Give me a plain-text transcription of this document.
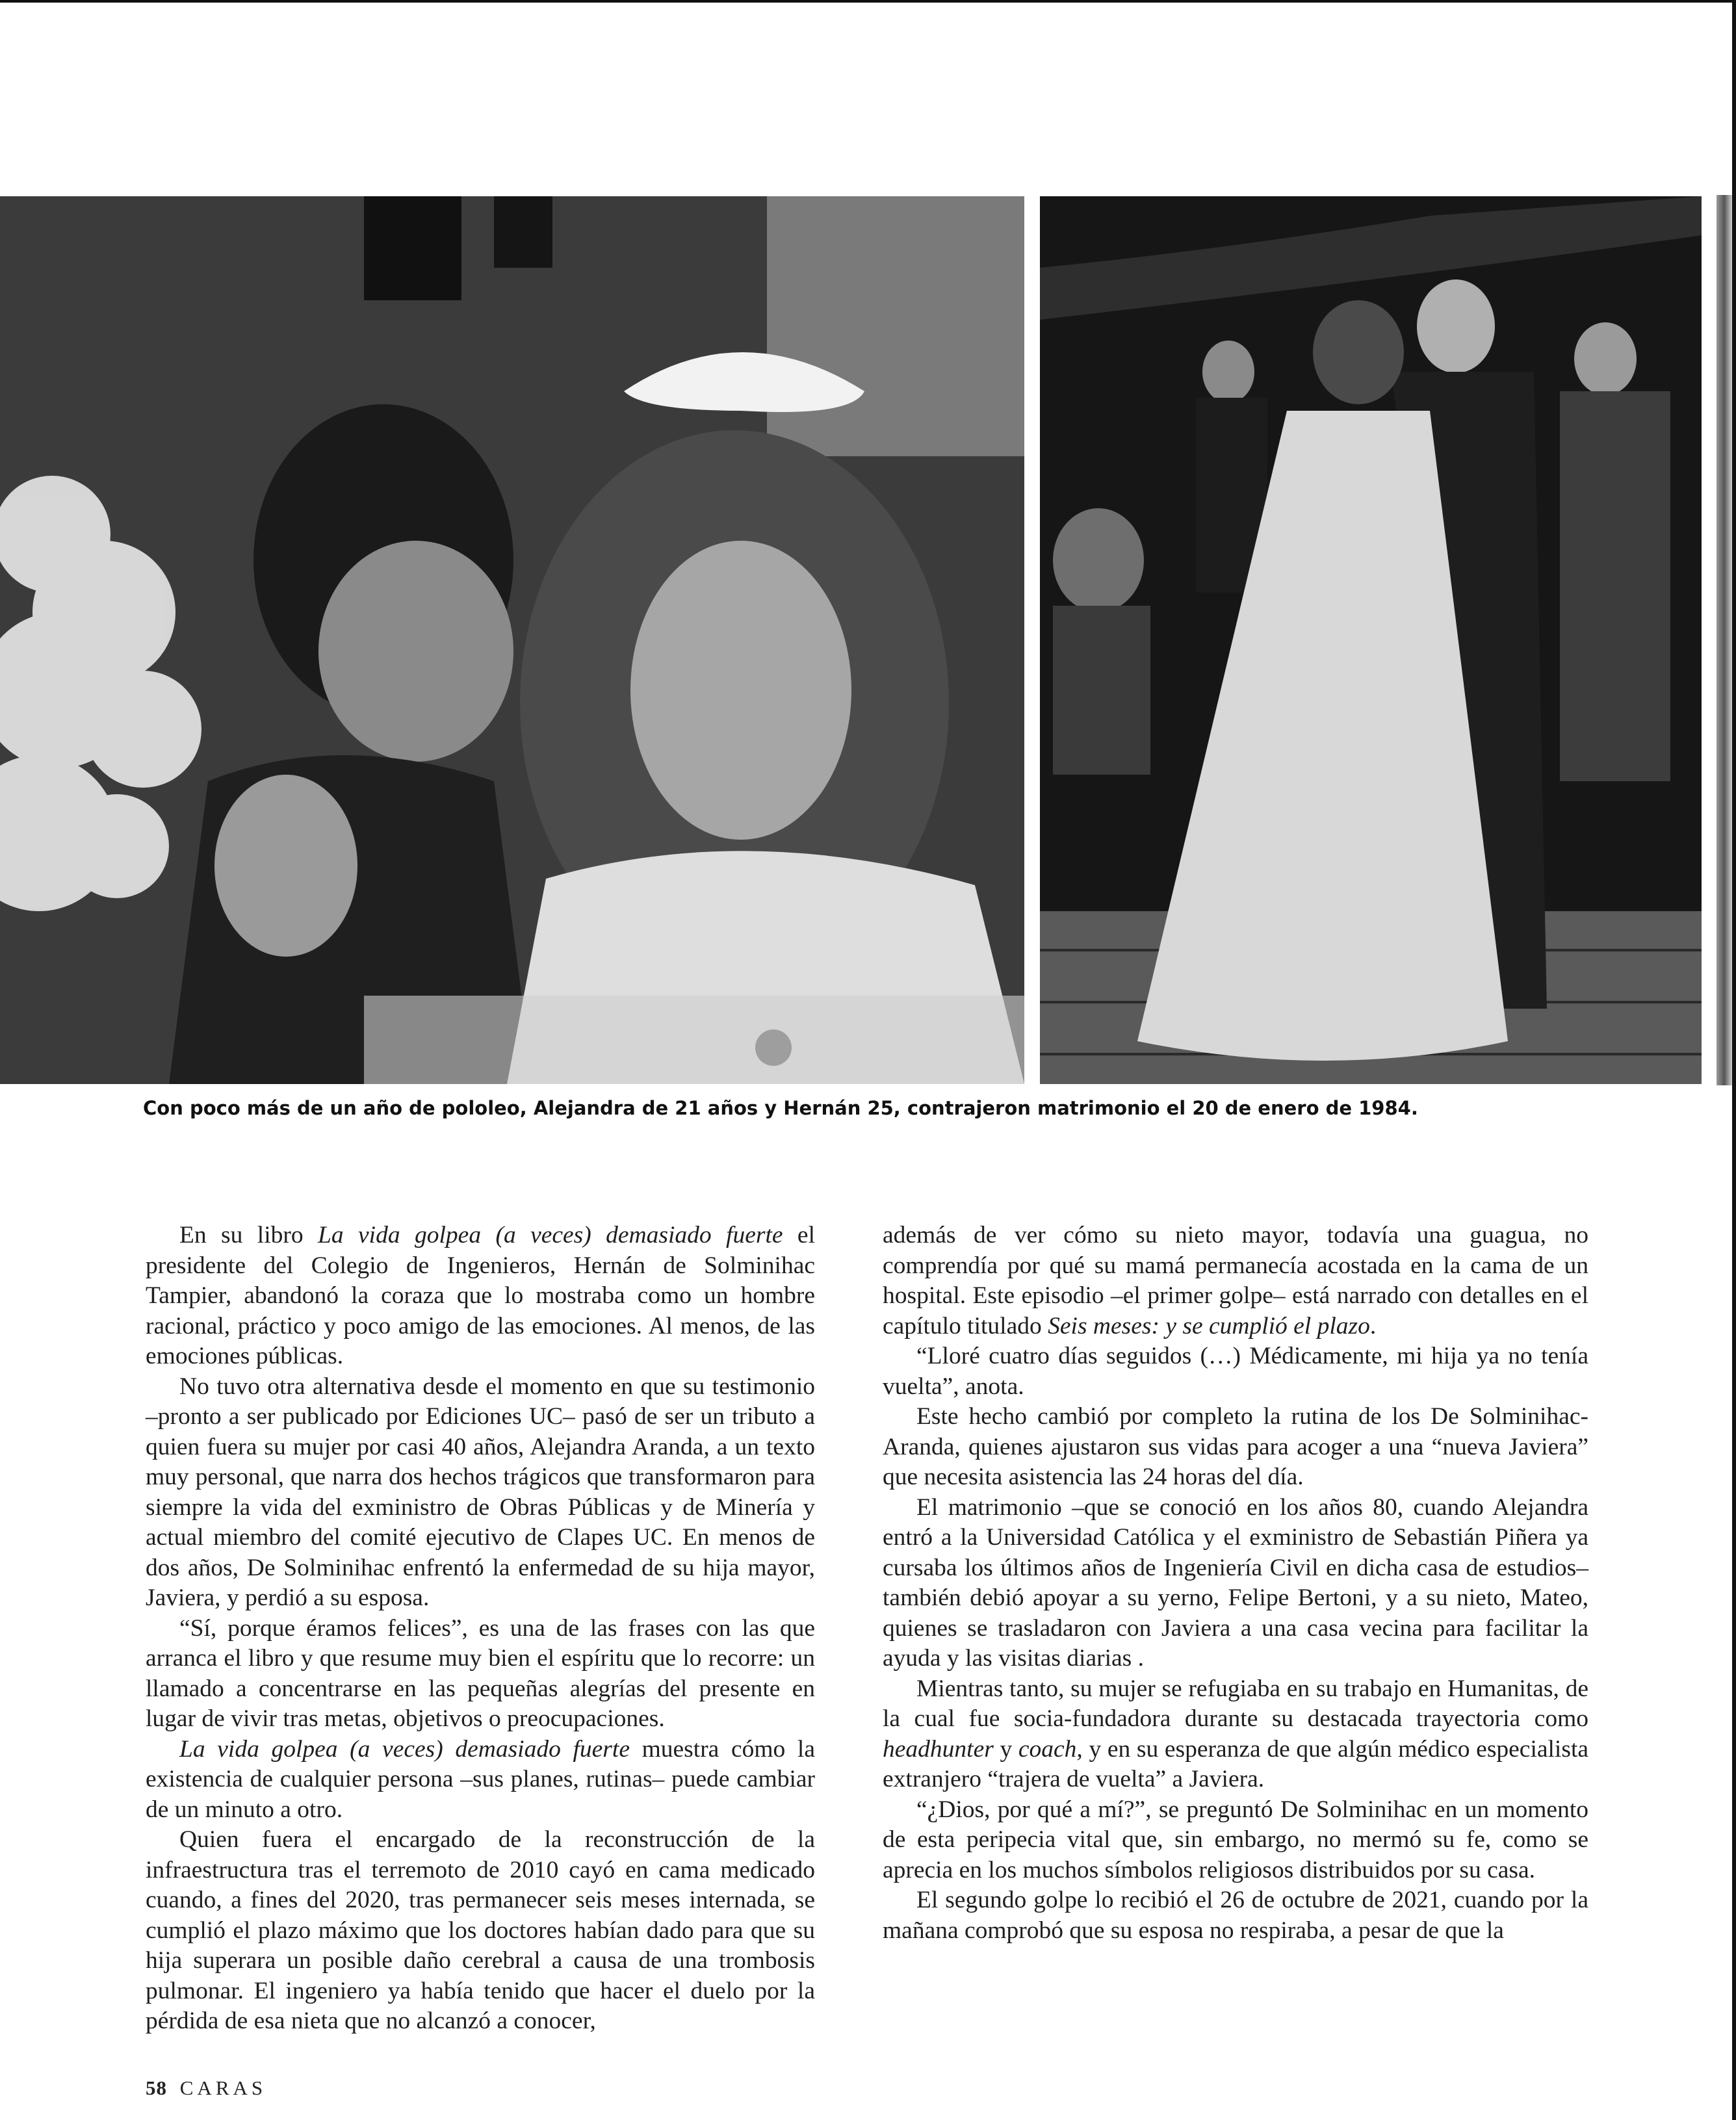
Con poco más de un año de pololeo, Alejandra de 21 años y Hernán 25, contrajeron matrimonio el 20 de enero de 1984.

En su libro La vida golpea (a veces) demasiado fuerte el presidente del Colegio de Ingenieros, Hernán de Solminihac Tampier, abandonó la coraza que lo mostraba como un hombre racional, práctico y poco amigo de las emociones. Al menos, de las emociones públicas.

No tuvo otra alternativa desde el momento en que su testimonio –pronto a ser publicado por Ediciones UC– pasó de ser un tributo a quien fuera su mujer por casi 40 años, Alejandra Aranda, a un texto muy personal, que narra dos hechos trágicos que transformaron para siempre la vida del exministro de Obras Públicas y de Minería y actual miembro del comité ejecutivo de Clapes UC. En menos de dos años, De Solminihac enfrentó la enfermedad de su hija mayor, Javiera, y perdió a su esposa.

“Sí, porque éramos felices”, es una de las frases con las que arranca el libro y que resume muy bien el espíritu que lo recorre: un llamado a concentrarse en las pequeñas alegrías del presente en lugar de vivir tras metas, objetivos o preocupaciones.

La vida golpea (a veces) demasiado fuerte muestra cómo la existencia de cualquier persona –sus planes, rutinas– puede cambiar de un minuto a otro.

Quien fuera el encargado de la reconstrucción de la infraestructura tras el terremoto de 2010 cayó en cama medicado cuando, a fines del 2020, tras permanecer seis meses internada, se cumplió el plazo máximo que los doctores habían dado para que su hija superara un posible daño cerebral a causa de una trombosis pulmonar. El ingeniero ya había tenido que hacer el duelo por la pérdida de esa nieta que no alcanzó a conocer,

además de ver cómo su nieto mayor, todavía una guagua, no comprendía por qué su mamá permanecía acostada en la cama de un hospital. Este episodio –el primer golpe– está narrado con detalles en el capítulo titulado Seis meses: y se cumplió el plazo.

“Lloré cuatro días seguidos (…) Médicamente, mi hija ya no tenía vuelta”, anota.

Este hecho cambió por completo la rutina de los De Solminihac-Aranda, quienes ajustaron sus vidas para acoger a una “nueva Javiera” que necesita asistencia las 24 horas del día.

El matrimonio –que se conoció en los años 80, cuando Alejandra entró a la Universidad Católica y el exministro de Sebastián Piñera ya cursaba los últimos años de Ingeniería Civil en dicha casa de estudios– también debió apoyar a su yerno, Felipe Bertoni, y a su nieto, Mateo, quienes se trasladaron con Javiera a una casa vecina para facilitar la ayuda y las visitas diarias .

Mientras tanto, su mujer se refugiaba en su trabajo en Humanitas, de la cual fue socia-fundadora durante su destacada trayectoria como headhunter y coach, y en su esperanza de que algún médico especialista extranjero “trajera de vuelta” a Javiera.

“¿Dios, por qué a mí?”, se preguntó De Solminihac en un momento de esta peripecia vital que, sin embargo, no mermó su fe, como se aprecia en los muchos símbolos religiosos distribuidos por su casa.

El segundo golpe lo recibió el 26 de octubre de 2021, cuando por la mañana comprobó que su esposa no respiraba, a pesar de que la

58 CARAS
